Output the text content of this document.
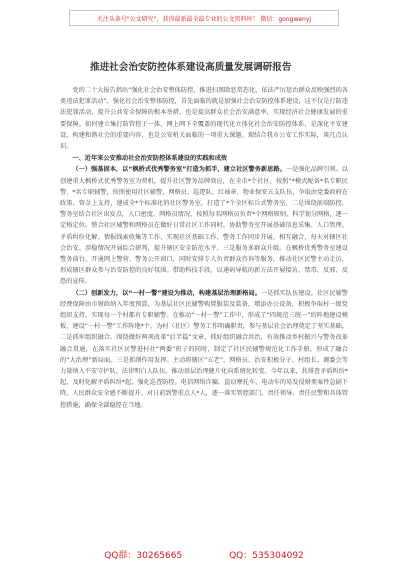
关注头条号"公文研究"，获得最新最全最专业的公文资料库！ 微信：gongwenyj
推进社会治安防控体系建设高质量发展调研报告

党的二十大报告指出“强化社会治安整体防控，推进扫黑除恶常态化，依法严厉惩治群众反映强烈的各类违法犯罪活动”。强化社会治安整体防控，首先面临的就是加强社会治安防控体系建设，这不仅是打防违法犯罪活动，提升公共安全保障的根本举措，也是提高群众社会治安满意率，实现经济社会健康发展的重要保障。如何建立集打防管控于一体、网上网下全覆盖的现代化立体化社会治安防控体系，是深化平安建设、构建和谐社会的重要内容，也是公安机关面临的一项重大课题。现结合我市公安工作实际，谈几点认识。

一、近年来公安推动社会治安防控体系建设的实践和成效

（一）强基固本，以“枫桥式优秀警务室”打造为抓手，建立社区警务新思路。一是强化品牌引领。以创建重大枫桥式优秀警务室为契机，提升社区警务品牌效应，在全市*个社区，按照“*模式配备*名专职民警、*名专职辅警，按照使用社区辅警，网格员、巡逻队、红袖章、物业保安五支队伍，争取由党委政府在政策、资金上支持，建成全*个标准化的社区警务室，打造了*个全区标兵式警务室，二是围绕前端防控，警务室结合社区出发点，人口密度、网格员情况，按照每名网格员负责*个网格原则，科学划分网格，逐一定格定位。整合社区辅警和网格员在做好日常社区工作同时，协助警务室开展基础信息采集、人口管理、矛盾纠纷化解、情报线索收集等工作，实现社区基础工作。警务工作同步开展、相互融合，每天对辖区社会治安、涉稳情况开展综合研判，提升辖区安全防范水平。三是服务多群众升级。在枫桥优秀警务室建设警务前台，开通网上警营、警务公开窗口，同时安排专人负责群众咨询等服务，推动社区民警主动走访，形成辖区群众参与治安防控的良好氛围。借助科技手段，以递码导航的新方法开展接访、禁毒、反邪、反恐的宣传。

（二）创新发力，以“一村一警”建设为推动，构建基层治理新格局。一是抓实队伍建设。社区民辅警经费保障由市财政纳入年度预算，为基层社区民辅警购置服装及装备，增添办公设备，积极争取村一级党组织支持，实现每一个村都有专职辅警。在推动“一村一警”工作中，形成了“四规范三统一”的阵地建设模板，建设“一村一警”工作阵地*个。为村（社区）警务工作明确职责，参与基层社会治理奠定了坚实基础。二是抓牢组织融合。围绕做好两项改革“后半篇”文章，抓好组织融合共治，有效推动乡村振兴与警务改革融合贯通，在落实社区民警进村社“两委”班子的同时，制定了社区民辅警规范化工作手册，形成了融合的“大治理”新局面。三是抓细作用发挥。主动将辖区“五老”、网格员、治安积极分子、村组长、调委会等力量纳入平安守护队，法律明白人队伍。推动基层治理健片化向系统化转变。今年以来，共排查矛盾纠纷*起，及时化解矛盾纠纷*起，强化巡查防控。电信网络诈骗、盗窃摩托车、电动车的易发侵财类案件急剧下降。人民群众安全感不断提升。对日前到警重点人*人，逐一落实管控部门、责任领导、责任民警和具体管控措施，确保全部稳控在当地。

QQ群：30265665	QQ：535304092
